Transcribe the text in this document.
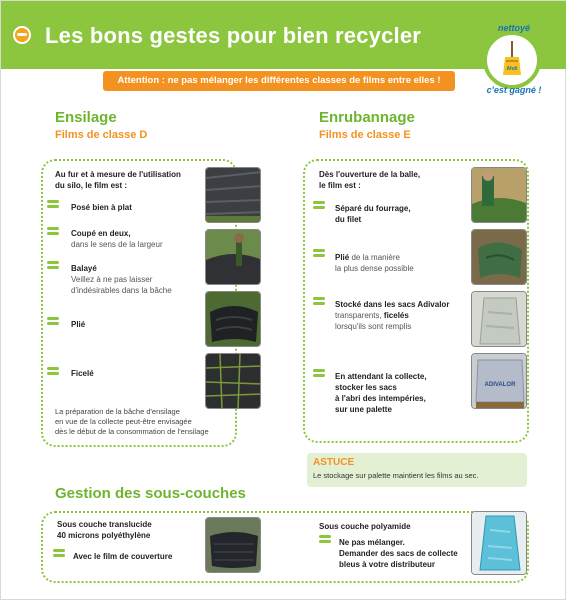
Les bons gestes pour bien recycler
Attention : ne pas mélanger les différentes classes de films entre elles !
nettoyé
Ahdi
c'est gagné !
Ensilage
Films de classe D
Au fur et à mesure de l'utilisation
du silo, le film est :
Posé bien à plat
Coupé en deux,
dans le sens de la largeur
Balayé
Veillez à ne pas laisser
d'indésirables dans la bâche
Plié
Ficelé
La préparation de la bâche d'ensilage
en vue de la collecte peut-être envisagée
dès le début de la consommation de l'ensilage
Enrubannage
Films de classe E
Dès l'ouverture de la balle,
le film est :
Séparé du fourrage,
du filet
Plié de la manière
la plus dense possible
Stocké dans les sacs Adivalor
transparents, ficelés
lorsqu'ils sont remplis
En attendant la collecte,
stocker les sacs
à l'abri des intempéries,
sur une palette
ADIVALOR
ASTUCE
Le stockage sur palette maintient les films au sec.
Gestion des sous-couches
Sous couche translucide
40 microns polyéthylène
Avec le film de couverture
Sous couche polyamide
Ne pas mélanger.
Demander des sacs de collecte
bleus à votre distributeur
